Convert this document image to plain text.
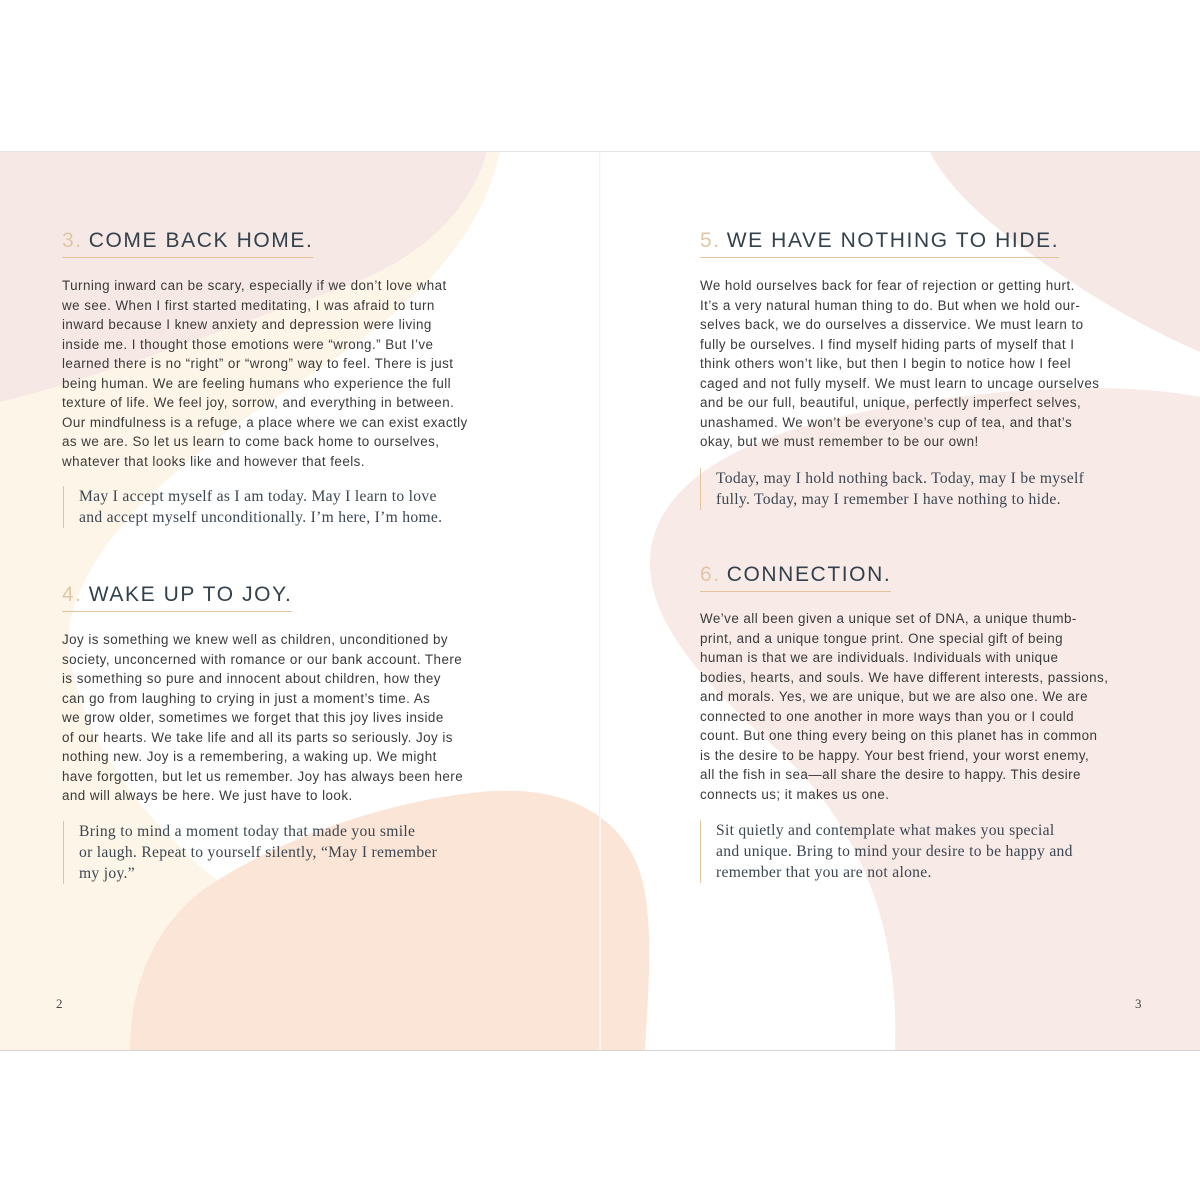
3. COME BACK HOME.

Turning inward can be scary, especially if we don’t love what

we see. When I first started meditating, I was afraid to turn

inward because I knew anxiety and depression were living

inside me. I thought those emotions were “wrong.” But I’ve

learned there is no “right” or “wrong” way to feel. There is just

being human. We are feeling humans who experience the full

texture of life. We feel joy, sorrow, and everything in between.

Our mindfulness is a refuge, a place where we can exist exactly

as we are. So let us learn to come back home to ourselves,

whatever that looks like and however that feels.

May I accept myself as I am today. May I learn to love

and accept myself unconditionally. I’m here, I’m home.

4. WAKE UP TO JOY.

Joy is something we knew well as children, unconditioned by

society, unconcerned with romance or our bank account. There

is something so pure and innocent about children, how they

can go from laughing to crying in just a moment’s time. As

we grow older, sometimes we forget that this joy lives inside

of our hearts. We take life and all its parts so seriously. Joy is

nothing new. Joy is a remembering, a waking up. We might

have forgotten, but let us remember. Joy has always been here

and will always be here. We just have to look.

Bring to mind a moment today that made you smile

or laugh. Repeat to yourself silently, “May I remember

my joy.”

2
5. WE HAVE NOTHING TO HIDE.

We hold ourselves back for fear of rejection or getting hurt.

It’s a very natural human thing to do. But when we hold our-

selves back, we do ourselves a disservice. We must learn to

fully be ourselves. I find myself hiding parts of myself that I

think others won’t like, but then I begin to notice how I feel

caged and not fully myself. We must learn to uncage ourselves

and be our full, beautiful, unique, perfectly imperfect selves,

unashamed. We won’t be everyone’s cup of tea, and that’s

okay, but we must remember to be our own!

Today, may I hold nothing back. Today, may I be myself

fully. Today, may I remember I have nothing to hide.

6. CONNECTION.

We’ve all been given a unique set of DNA, a unique thumb-

print, and a unique tongue print. One special gift of being

human is that we are individuals. Individuals with unique

bodies, hearts, and souls. We have different interests, passions,

and morals. Yes, we are unique, but we are also one. We are

connected to one another in more ways than you or I could

count. But one thing every being on this planet has in common

is the desire to be happy. Your best friend, your worst enemy,

all the fish in sea—all share the desire to happy. This desire

connects us; it makes us one.

Sit quietly and contemplate what makes you special

and unique. Bring to mind your desire to be happy and

remember that you are not alone.

3
